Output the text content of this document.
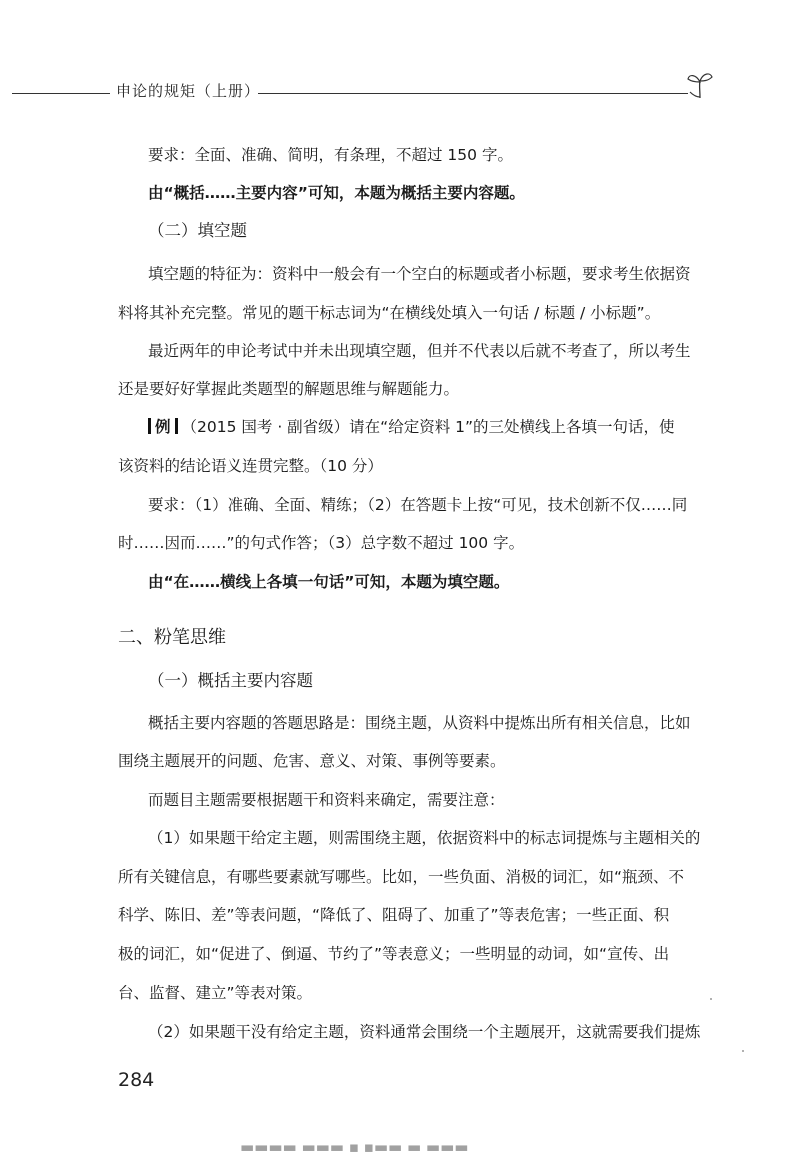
申论的规矩（上册）
要求：全面、准确、简明，有条理，不超过 150 字。
由“概括……主要内容”可知，本题为概括主要内容题。
（二）填空题
填空题的特征为：资料中一般会有一个空白的标题或者小标题，要求考生依据资
料将其补充完整。常见的题干标志词为“在横线处填入一句话 / 标题 / 小标题”。
最近两年的申论考试中并未出现填空题，但并不代表以后就不考查了，所以考生
还是要好好掌握此类题型的解题思维与解题能力。
例 （2015 国考 · 副省级）请在“给定资料 1”的三处横线上各填一句话，使
该资料的结论语义连贯完整。（10 分）
要求：（1）准确、全面、精练；（2）在答题卡上按“可见，技术创新不仅……同
时……因而……”的句式作答；（3）总字数不超过 100 字。
由“在……横线上各填一句话”可知，本题为填空题。
二、粉笔思维
（一）概括主要内容题
概括主要内容题的答题思路是：围绕主题，从资料中提炼出所有相关信息，比如
围绕主题展开的问题、危害、意义、对策、事例等要素。
而题目主题需要根据题干和资料来确定，需要注意：
（1）如果题干给定主题，则需围绕主题，依据资料中的标志词提炼与主题相关的
所有关键信息，有哪些要素就写哪些。比如，一些负面、消极的词汇，如“瓶颈、不
科学、陈旧、差”等表问题，“降低了、阻碍了、加重了”等表危害；一些正面、积
极的词汇，如“促进了、倒逼、节约了”等表意义；一些明显的动词，如“宣传、出
台、监督、建立”等表对策。
（2）如果题干没有给定主题，资料通常会围绕一个主题展开，这就需要我们提炼
284
▬▬▬▬ ▬▬▬ ▪ ▪▬▬ ▬ ▬▬▬
